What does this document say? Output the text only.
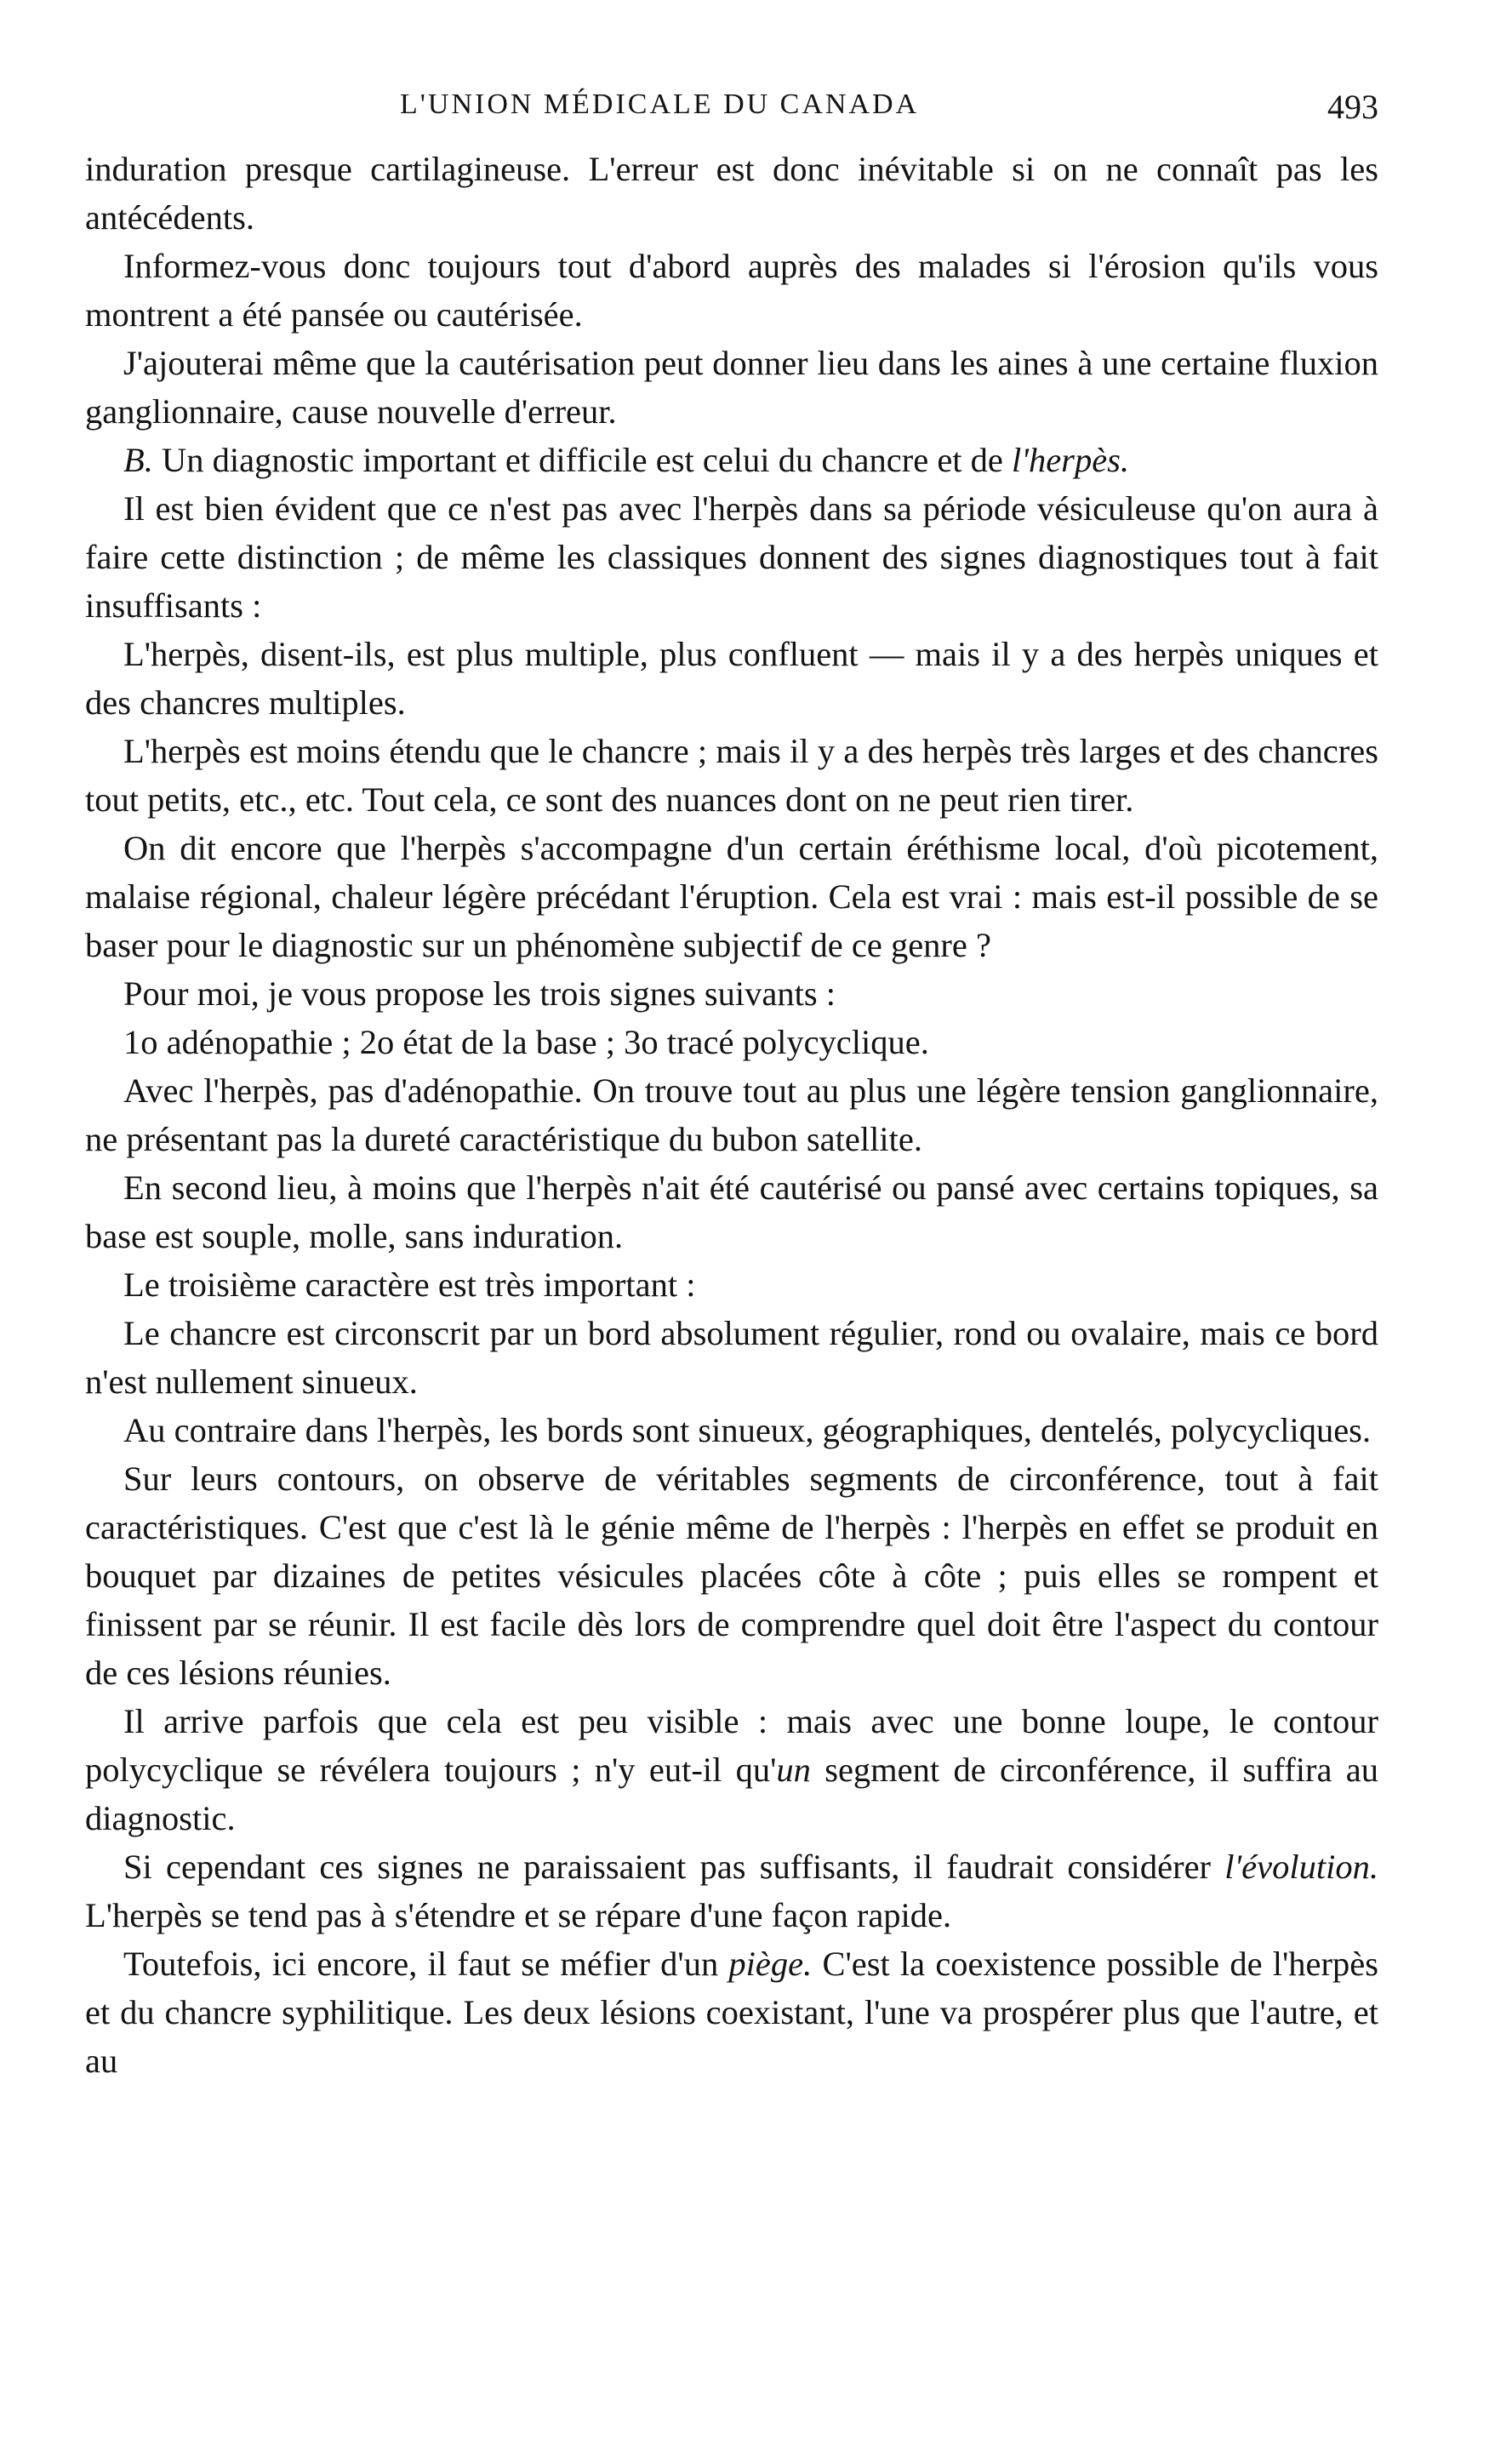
L'UNION MÉDICALE DU CANADA	493

induration presque cartilagineuse. L'erreur est donc inévitable si on ne connaît pas les antécédents.

Informez-vous donc toujours tout d'abord auprès des malades si l'érosion qu'ils vous montrent a été pansée ou cautérisée.

J'ajouterai même que la cautérisation peut donner lieu dans les aines à une certaine fluxion ganglionnaire, cause nouvelle d'erreur.

B. Un diagnostic important et difficile est celui du chancre et de l'herpès.

Il est bien évident que ce n'est pas avec l'herpès dans sa période vésiculeuse qu'on aura à faire cette distinction ; de même les classiques donnent des signes diagnostiques tout à fait insuffisants :

L'herpès, disent-ils, est plus multiple, plus confluent — mais il y a des herpès uniques et des chancres multiples.

L'herpès est moins étendu que le chancre ; mais il y a des herpès très larges et des chancres tout petits, etc., etc. Tout cela, ce sont des nuances dont on ne peut rien tirer.

On dit encore que l'herpès s'accompagne d'un certain éréthisme local, d'où picotement, malaise régional, chaleur légère précédant l'éruption. Cela est vrai : mais est-il possible de se baser pour le diagnostic sur un phénomène subjectif de ce genre ?

Pour moi, je vous propose les trois signes suivants :

1o adénopathie ; 2o état de la base ; 3o tracé polycyclique.

Avec l'herpès, pas d'adénopathie. On trouve tout au plus une légère tension ganglionnaire, ne présentant pas la dureté caractéristique du bubon satellite.

En second lieu, à moins que l'herpès n'ait été cautérisé ou pansé avec certains topiques, sa base est souple, molle, sans induration.

Le troisième caractère est très important :

Le chancre est circonscrit par un bord absolument régulier, rond ou ovalaire, mais ce bord n'est nullement sinueux.

Au contraire dans l'herpès, les bords sont sinueux, géographiques, dentelés, polycycliques.

Sur leurs contours, on observe de véritables segments de circonférence, tout à fait caractéristiques. C'est que c'est là le génie même de l'herpès : l'herpès en effet se produit en bouquet par dizaines de petites vésicules placées côte à côte ; puis elles se rompent et finissent par se réunir. Il est facile dès lors de comprendre quel doit être l'aspect du contour de ces lésions réunies.

Il arrive parfois que cela est peu visible : mais avec une bonne loupe, le contour polycyclique se révélera toujours ; n'y eut-il qu'un segment de circonférence, il suffira au diagnostic.

Si cependant ces signes ne paraissaient pas suffisants, il faudrait considérer l'évolution. L'herpès se tend pas à s'étendre et se répare d'une façon rapide.

Toutefois, ici encore, il faut se méfier d'un piège. C'est la coexistence possible de l'herpès et du chancre syphilitique. Les deux lésions coexistant, l'une va prospérer plus que l'autre, et au
